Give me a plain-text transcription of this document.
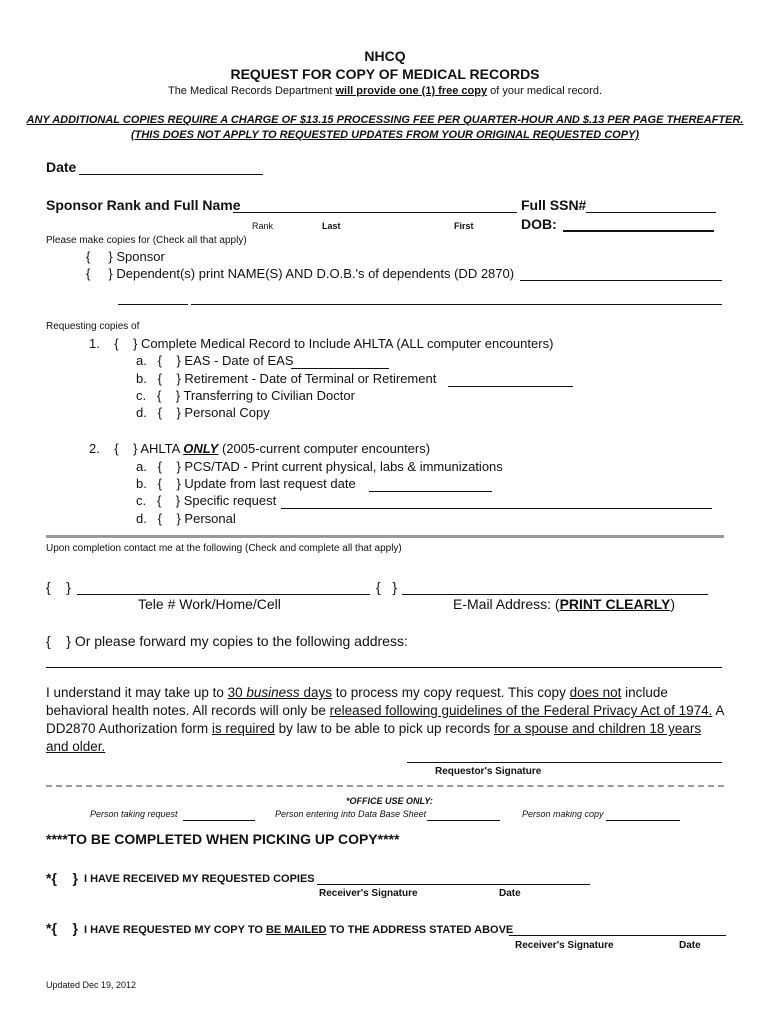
NHCQ
REQUEST FOR COPY OF MEDICAL RECORDS
The Medical Records Department will provide one (1) free copy of your medical record.
ANY ADDITIONAL COPIES REQUIRE A CHARGE OF $13.15 PROCESSING FEE PER QUARTER-HOUR AND $.13 PER PAGE THEREAFTER.
(THIS DOES NOT APPLY TO REQUESTED UPDATES FROM YOUR ORIGINAL REQUESTED COPY)
Date
Sponsor Rank and Full Name	Full SSN#
Rank	Last	First	DOB:
Please make copies for (Check all that apply)
{     } Sponsor
{     } Dependent(s) print NAME(S) AND D.O.B.'s of dependents (DD 2870)
Requesting copies of
1.    {    } Complete Medical Record to Include AHLTA (ALL computer encounters)
a.   {    } EAS - Date of EAS
b.   {    } Retirement - Date of Terminal or Retirement
c.   {    } Transferring to Civilian Doctor
d.   {    } Personal Copy
2.    {    } AHLTA ONLY (2005-current computer encounters)
a.   {    } PCS/TAD - Print current physical, labs & immunizations
b.   {    } Update from last request date
c.   {    } Specific request
d.   {    } Personal
Upon completion contact me at the following (Check and complete all that apply)
{    }	{   }
Tele # Work/Home/Cell	E-Mail Address: (PRINT CLEARLY)
{    } Or please forward my copies to the following address:
I understand it may take up to 30 business days to process my copy request. This copy does not include behavioral health notes. All records will only be released following guidelines of the Federal Privacy Act of 1974. A DD2870 Authorization form is required by law to be able to pick up records for a spouse and children 18 years and older.
Requestor's Signature
*OFFICE USE ONLY:
Person taking request	Person entering into Data Base Sheet	Person making copy
****TO BE COMPLETED WHEN PICKING UP COPY****
*{    } I HAVE RECEIVED MY REQUESTED COPIES
Receiver's Signature	Date
*{    } I HAVE REQUESTED MY COPY TO BE MAILED TO THE ADDRESS STATED ABOVE
Receiver's Signature	Date
Updated Dec 19, 2012
